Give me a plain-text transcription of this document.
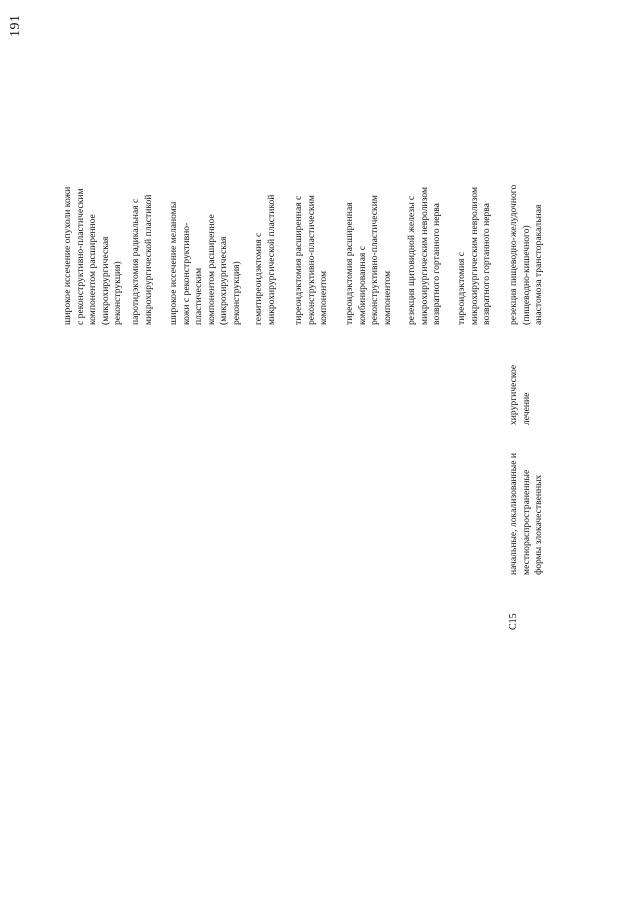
191
C15
начальные, локализованные и местнораспространенные формы злокачественных
хирургическое лечение
широкое иссечение опухоли кожи с реконструктивно-пластическим компонентом расширенное (микрохирургическая реконструкция) паротидэктомия радикальная с микрохирургической пластикой широкое иссечение меланомы кожи с реконструктивно- пластическим компонентом расширенное (микрохирургическая реконструкция) гемитиреоидэктомия с микрохирургической пластикой тиреоидэктомия расширенная с реконструктивно-пластическим компонентом тиреоидэктомия расширенная комбинированная с реконструктивно-пластическим компонентом резекция щитовидной железы с микрохирургическим невролизом возвратного гортанного нерва тиреоидэктомия с микрохирургическим невролизом возвратного гортанного нерва резекция пищеводно-желудочного (пищеводно-кишечного) анастомоза трансторакальная
